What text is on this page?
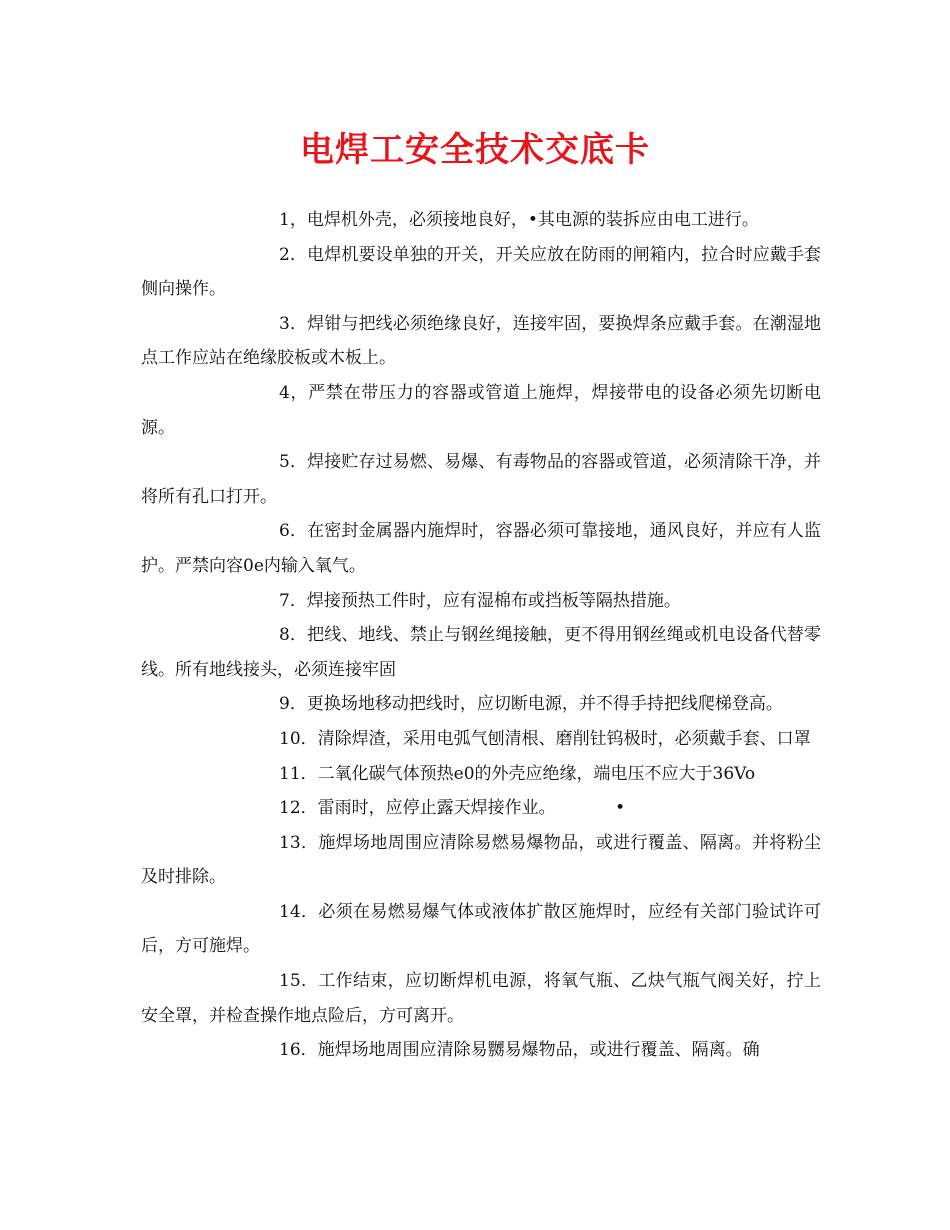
电焊工安全技术交底卡

1，电焊机外壳，必须接地良好，•其电源的装拆应由电工进行。

2．电焊机要设单独的开关，开关应放在防雨的闸箱内，拉合时应戴手套侧向操作。

3．焊钳与把线必须绝缘良好，连接牢固，要换焊条应戴手套。在潮湿地点工作应站在绝缘胶板或木板上。

4，严禁在带压力的容器或管道上施焊，焊接带电的设备必须先切断电源。

5．焊接贮存过易燃、易爆、有毒物品的容器或管道，必须清除干净，并将所有孔口打开。

6．在密封金属器内施焊时，容器必须可靠接地，通风良好，并应有人监护。严禁向容0e内输入氧气。

7．焊接预热工件时，应有湿棉布或挡板等隔热措施。

8．把线、地线、禁止与钢丝绳接触，更不得用钢丝绳或机电设备代替零线。所有地线接头，必须连接牢固

9．更换场地移动把线时，应切断电源，并不得手持把线爬梯登高。

10．清除焊渣，采用电弧气刨清根、磨削钍钨极时，必须戴手套、口罩

11．二氧化碳气体预热e0的外壳应绝缘，端电压不应大于36Vo

12．雷雨时，应停止露天焊接作业。　　　　•

13．施焊场地周围应清除易燃易爆物品，或进行覆盖、隔离。并将粉尘及时排除。

14．必须在易燃易爆气体或液体扩散区施焊时，应经有关部门验试许可后，方可施焊。

15．工作结束，应切断焊机电源，将氧气瓶、乙炔气瓶气阀关好，拧上安全罩，并检查操作地点险后，方可离开。

16．施焊场地周围应清除易嬲易爆物品，或进行覆盖、隔离。确
